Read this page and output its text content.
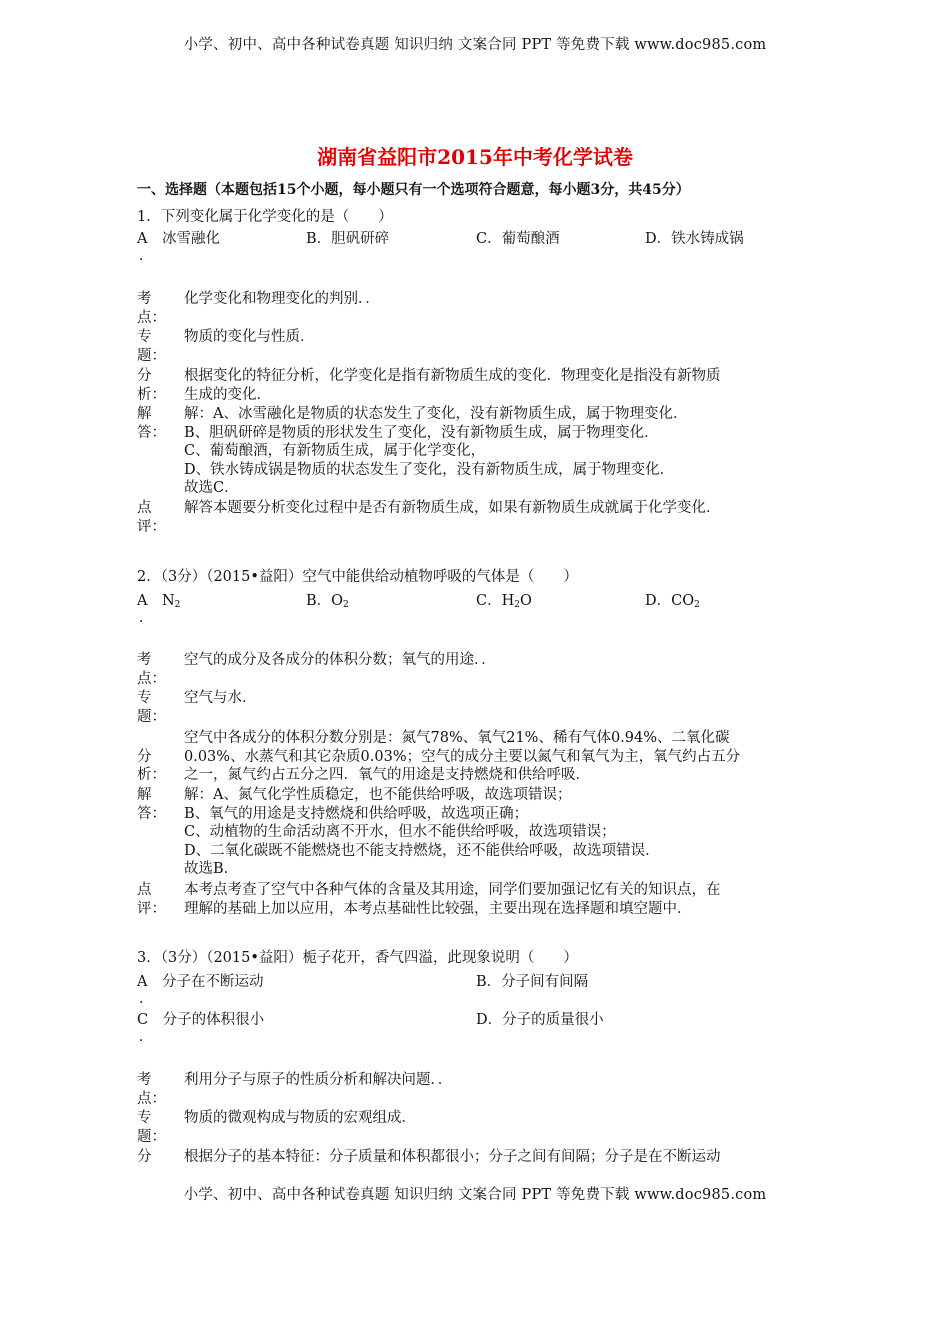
小学、初中、高中各种试卷真题 知识归纳 文案合同 PPT 等免费下载 www.doc985.com
湖南省益阳市2015年中考化学试卷
一、选择题（本题包括15个小题，每小题只有一个选项符合题意，每小题3分，共45分）
1．下列变化属于化学变化的是（　　）
A　冰雪融化	B．胆矾研碎	C．葡萄酿酒	D．铁水铸成锅
．
考
点：
化学变化和物理变化的判别．．
专
题：
物质的变化与性质．
分
析：
根据变化的特征分析，化学变化是指有新物质生成的变化．物理变化是指没有新物质
生成的变化．
解
答：
解：A、冰雪融化是物质的状态发生了变化，没有新物质生成，属于物理变化．
B、胆矾研碎是物质的形状发生了变化，没有新物质生成，属于物理变化．
C、葡萄酿酒，有新物质生成，属于化学变化，
D、铁水铸成锅是物质的状态发生了变化，没有新物质生成，属于物理变化．
故选C．
点
评：
解答本题要分析变化过程中是否有新物质生成，如果有新物质生成就属于化学变化．
2．（3分）（2015•益阳）空气中能供给动植物呼吸的气体是（　　）
A　$N_2$	B．$O_2$	C．$H_2O$	D．$CO_2$
．
考
点：
空气的成分及各成分的体积分数；氧气的用途．．
专
题：
空气与水．
分
析：
空气中各成分的体积分数分别是：氮气78%、氧气21%、稀有气体0.94%、二氧化碳
0.03%、水蒸气和其它杂质0.03%；空气的成分主要以氮气和氧气为主，氧气约占五分
之一，氮气约占五分之四．氧气的用途是支持燃烧和供给呼吸．
解
答：
解：A、氮气化学性质稳定，也不能供给呼吸，故选项错误；
B、氧气的用途是支持燃烧和供给呼吸，故选项正确；
C、动植物的生命活动离不开水，但水不能供给呼吸，故选项错误；
D、二氧化碳既不能燃烧也不能支持燃烧，还不能供给呼吸，故选项错误．
故选B．
点
评：
本考点考查了空气中各种气体的含量及其用途，同学们要加强记忆有关的知识点，在
理解的基础上加以应用，本考点基础性比较强，主要出现在选择题和填空题中．
3．（3分）（2015•益阳）栀子花开，香气四溢，此现象说明（　　）
A　分子在不断运动	B．分子间有间隔
．
C　分子的体积很小	D．分子的质量很小
．
考
点：
利用分子与原子的性质分析和解决问题．．
专
题：
物质的微观构成与物质的宏观组成．
分	根据分子的基本特征：分子质量和体积都很小；分子之间有间隔；分子是在不断运动
小学、初中、高中各种试卷真题 知识归纳 文案合同 PPT 等免费下载 www.doc985.com
